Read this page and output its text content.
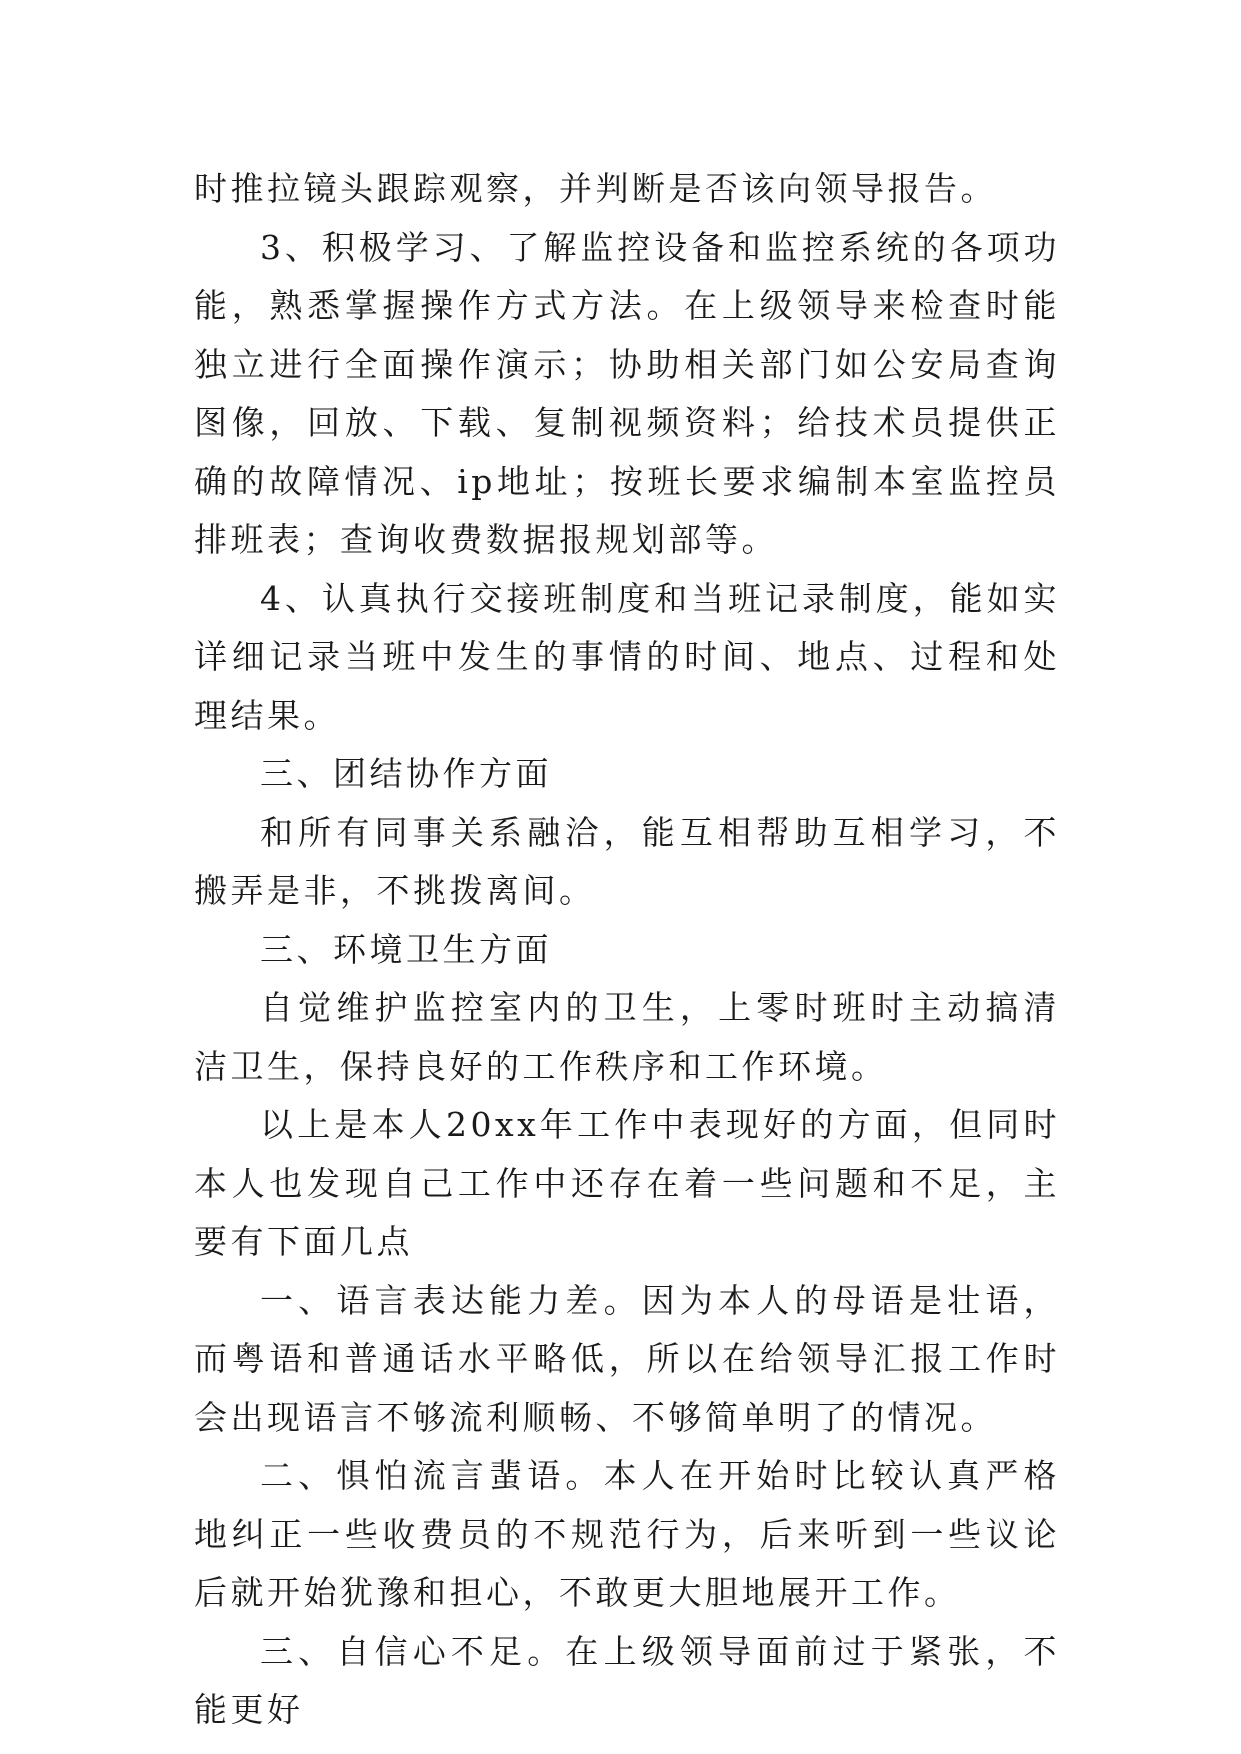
时推拉镜头跟踪观察，并判断是否该向领导报告。

3、积极学习、了解监控设备和监控系统的各项功能，熟悉掌握操作方式方法。在上级领导来检查时能独立进行全面操作演示；协助相关部门如公安局查询图像，回放、下载、复制视频资料；给技术员提供正确的故障情况、ip地址；按班长要求编制本室监控员排班表；查询收费数据报规划部等。

4、认真执行交接班制度和当班记录制度，能如实详细记录当班中发生的事情的时间、地点、过程和处理结果。

三、团结协作方面

和所有同事关系融洽，能互相帮助互相学习，不搬弄是非，不挑拨离间。

三、环境卫生方面

自觉维护监控室内的卫生，上零时班时主动搞清洁卫生，保持良好的工作秩序和工作环境。

以上是本人20xx年工作中表现好的方面，但同时本人也发现自己工作中还存在着一些问题和不足，主要有下面几点

一、语言表达能力差。因为本人的母语是壮语，而粤语和普通话水平略低，所以在给领导汇报工作时会出现语言不够流利顺畅、不够简单明了的情况。

二、惧怕流言蜚语。本人在开始时比较认真严格地纠正一些收费员的不规范行为，后来听到一些议论后就开始犹豫和担心，不敢更大胆地展开工作。

三、自信心不足。在上级领导面前过于紧张，不能更好
